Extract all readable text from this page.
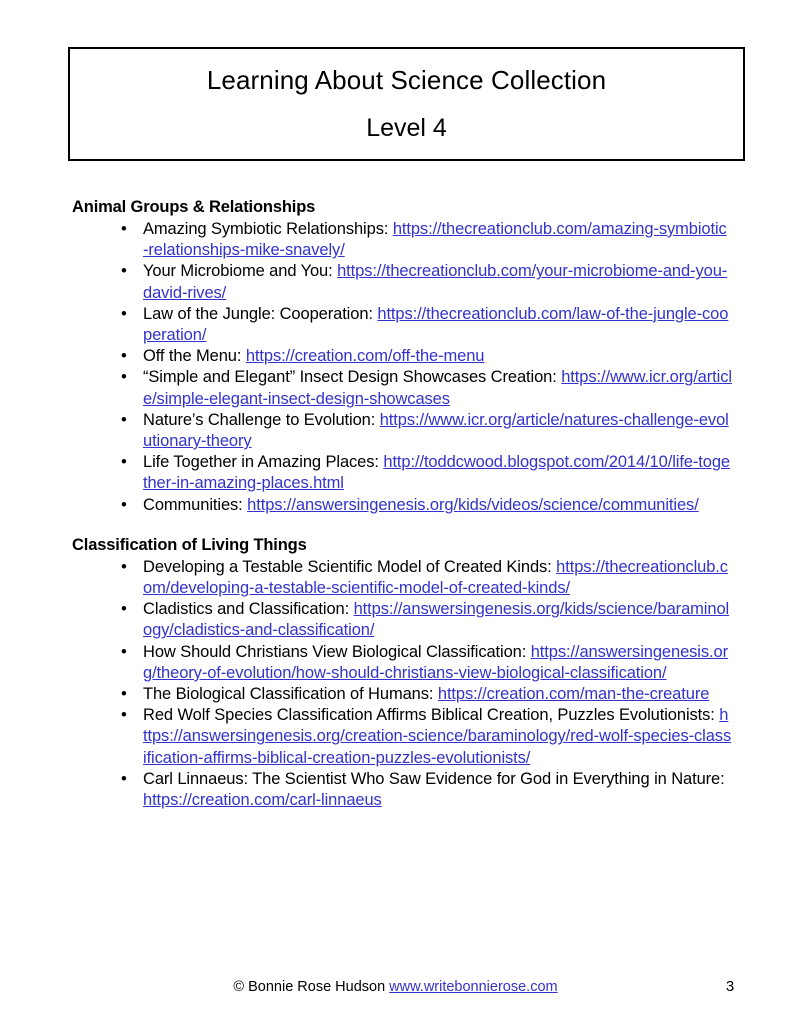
Learning About Science Collection
Level 4
Animal Groups & Relationships
• Amazing Symbiotic Relationships: https://thecreationclub.com/amazing-symbiotic-relationships-mike-snavely/
• Your Microbiome and You: https://thecreationclub.com/your-microbiome-and-you-david-rives/
• Law of the Jungle: Cooperation: https://thecreationclub.com/law-of-the-jungle-cooperation/
• Off the Menu: https://creation.com/off-the-menu
• “Simple and Elegant” Insect Design Showcases Creation: https://www.icr.org/article/simple-elegant-insect-design-showcases
• Nature’s Challenge to Evolution: https://www.icr.org/article/natures-challenge-evolutionary-theory
• Life Together in Amazing Places: http://toddcwood.blogspot.com/2014/10/life-together-in-amazing-places.html
• Communities: https://answersingenesis.org/kids/videos/science/communities/
Classification of Living Things
• Developing a Testable Scientific Model of Created Kinds: https://thecreationclub.com/developing-a-testable-scientific-model-of-created-kinds/
• Cladistics and Classification: https://answersingenesis.org/kids/science/baraminology/cladistics-and-classification/
• How Should Christians View Biological Classification: https://answersingenesis.org/theory-of-evolution/how-should-christians-view-biological-classification/
• The Biological Classification of Humans: https://creation.com/man-the-creature
• Red Wolf Species Classification Affirms Biblical Creation, Puzzles Evolutionists: https://answersingenesis.org/creation-science/baraminology/red-wolf-species-classification-affirms-biblical-creation-puzzles-evolutionists/
• Carl Linnaeus: The Scientist Who Saw Evidence for God in Everything in Nature: https://creation.com/carl-linnaeus
© Bonnie Rose Hudson www.writebonnierose.com	3
